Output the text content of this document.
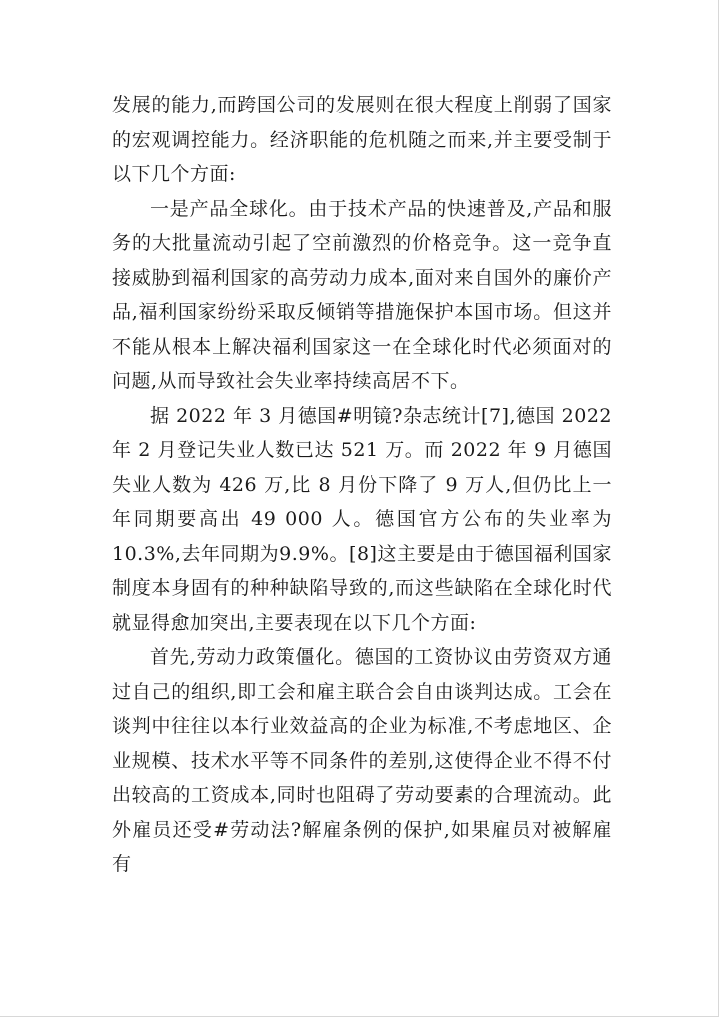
发展的能力,而跨国公司的发展则在很大程度上削弱了国家的宏观调控能力。经济职能的危机随之而来,并主要受制于以下几个方面:

一是产品全球化。由于技术产品的快速普及,产品和服务的大批量流动引起了空前激烈的价格竞争。这一竞争直接威胁到福利国家的高劳动力成本,面对来自国外的廉价产品,福利国家纷纷采取反倾销等措施保护本国市场。但这并不能从根本上解决福利国家这一在全球化时代必须面对的问题,从而导致社会失业率持续高居不下。

据 2022 年 3 月德国#明镜?杂志统计[7],德国 2022 年 2 月登记失业人数已达 521 万。而 2022 年 9 月德国失业人数为 426 万,比 8 月份下降了 9 万人,但仍比上一年同期要高出 49 000 人。德国官方公布的失业率为10.3%,去年同期为9.9%。[8]这主要是由于德国福利国家制度本身固有的种种缺陷导致的,而这些缺陷在全球化时代就显得愈加突出,主要表现在以下几个方面:

首先,劳动力政策僵化。德国的工资协议由劳资双方通过自己的组织,即工会和雇主联合会自由谈判达成。工会在谈判中往往以本行业效益高的企业为标准,不考虑地区、企业规模、技术水平等不同条件的差别,这使得企业不得不付出较高的工资成本,同时也阻碍了劳动要素的合理流动。此外雇员还受#劳动法?解雇条例的保护,如果雇员对被解雇有
